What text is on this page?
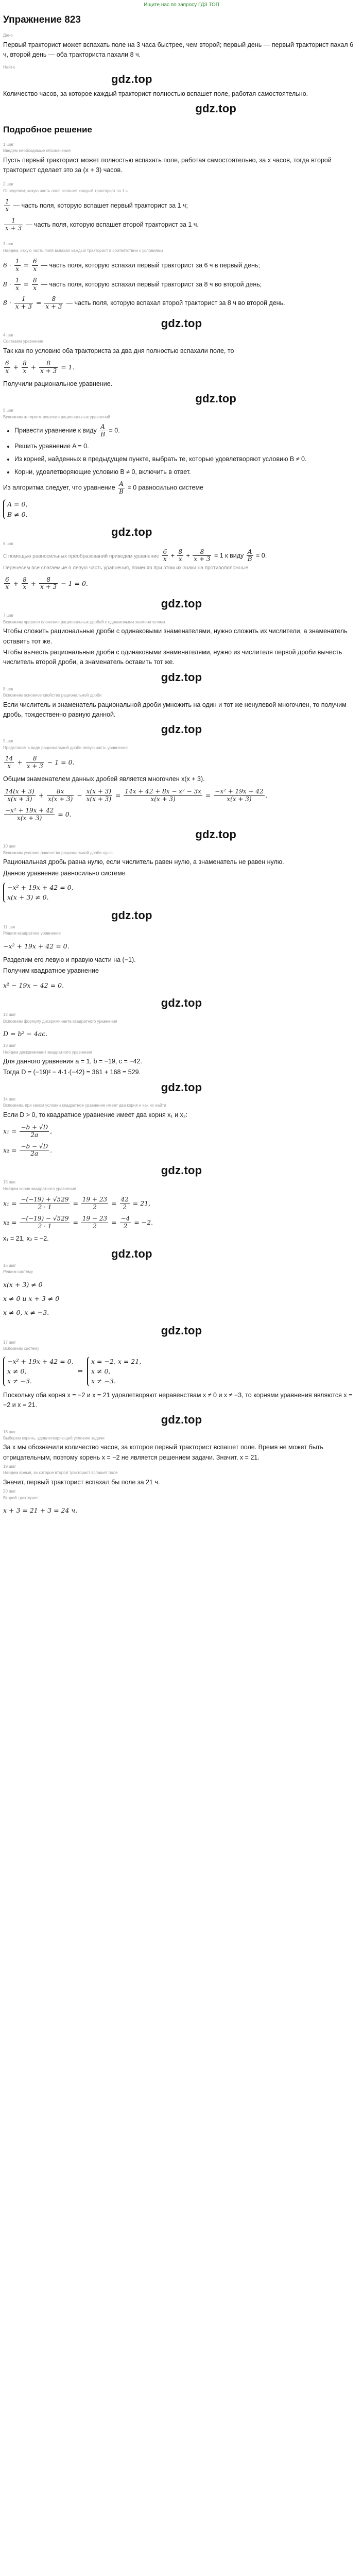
Ищите нас по запросу ГДЗ ТОП
Упражнение 823
Дано

Первый тракторист может вспахать поле на 3 часа быстрее, чем второй; первый день — первый тракторист пахал 6 ч, второй день — оба тракториста пахали 8 ч.

Найти
gdz.top

Количество часов, за которое каждый тракторист полностью вспашет поле, работая самостоятельно.

gdz.top
Подробное решение
1 шаг
Введем необходимые обозначения

Пусть первый тракторист может полностью вспахать поле, работая самостоятельно, за x часов, тогда второй тракторист сделает это за (x + 3) часов.

2 шаг
Определим, какую часть поля вспашет каждый тракторист за 1 ч
$\frac{1}{x}$ — часть поля, которую вспашет первый тракторист за 1 ч;
$\frac{1}{x + 3}$ — часть поля, которую вспашет второй тракторист за 1 ч.
3 шаг
Найдем, какую часть поля вспахал каждый тракторист в соответствии с условиями
$6 \cdot \frac{1}{x} = \frac{6}{x}$ — часть поля, которую вспахал первый тракторист за 6 ч в первый день;
$8 \cdot \frac{1}{x} = \frac{8}{x}$ — часть поля, которую вспахал первый тракторист за 8 ч во второй день;
$8 \cdot \frac{1}{x + 3} = \frac{8}{x + 3}$ — часть поля, которую вспахал второй тракторист за 8 ч во второй день.
gdz.top
4 шаг
Составим уравнение

Так как по условию оба тракториста за два дня полностью вспахали поле, то

$\frac{6}{x} + \frac{8}{x} + \frac{8}{x + 3} = 1$.

Получили рациональное уравнение.

gdz.top
5 шаг
Вспомним алгоритм решения рациональных уравнений
• Привести уравнение к виду $\frac{A}{B} = 0$.
• Решить уравнение A = 0.
• Из корней, найденных в предыдущем пункте, выбрать те, которые удовлетворяют условию B ≠ 0.
• Корни, удовлетворяющие условию B ≠ 0, включить в ответ.

Из алгоритма следует, что уравнение $\frac{A}{B} = 0$ равносильно системе

A = 0,
B ≠ 0.
gdz.top
6 шаг

С помощью равносильных преобразований приведем уравнение $\frac{6}{x} + \frac{8}{x} + \frac{8}{x + 3} = 1$ к виду $\frac{A}{B} = 0$.

Перенесем все слагаемые в левую часть уравнения, поменяв при этом их знаки на противоположные

$\frac{6}{x} + \frac{8}{x} + \frac{8}{x + 3} - 1 = 0$.
gdz.top
7 шаг
Вспомним правило сложения рациональных дробей с одинаковыми знаменателями

Чтобы сложить рациональные дроби с одинаковыми знаменателями, нужно сложить их числители, а знаменатель оставить тот же.

Чтобы вычесть рациональные дроби с одинаковыми знаменателями, нужно из числителя первой дроби вычесть числитель второй дроби, а знаменатель оставить тот же.

gdz.top
8 шаг
Вспомним основное свойство рациональной дроби

Если числитель и знаменатель рациональной дроби умножить на один и тот же ненулевой многочлен, то получим дробь, тождественно равную данной.

gdz.top
9 шаг
Представим в виде рациональной дроби левую часть уравнения
$\frac{14}{x} + \frac{8}{x + 3} - 1 = 0$.

Общим знаменателем данных дробей является многочлен x(x + 3).

$\frac{14(x + 3)}{x(x + 3)} + \frac{8x}{x(x + 3)} - \frac{x(x + 3)}{x(x + 3)} = \frac{\text{14x + 42 + 8x − x² − 3x}}{x(x + 3)} = \frac{\text{−x² + 19x + 42}}{x(x + 3)}$ .
$\frac{\text{−x² + 19x + 42}}{x(x + 3)} = 0$.
gdz.top
10 шаг
Вспомним условие равенства рациональной дроби нулю

Рациональная дробь равна нулю, если числитель равен нулю, а знаменатель не равен нулю.

Данное уравнение равносильно системе

−x² + 19x + 42 = 0,
x(x + 3) ≠ 0.
gdz.top
11 шаг
Решим квадратное уравнение
−x² + 19x + 42 = 0.

Разделим его левую и правую части на (−1).

Получим квадратное уравнение

x² − 19x − 42 = 0.
gdz.top
12 шаг
Вспомним формулу дискриминанта квадратного уравнения
D = b² − 4ac.
13 шаг
Найдем дискриминант квадратного уравнения

Для данного уравнения a = 1, b = −19, c = −42.

Тогда D = (−19)² − 4·1·(−42) = 361 + 168 = 529.

gdz.top
14 шаг
Вспомним, при каком условии квадратное уравнение имеет два корня и как их найти

Если D > 0, то квадратное уравнение имеет два корня x₁ и x₂:

$x_1 = \frac{-b + √D}{2a}$ ,
$x_2 = \frac{-b - √D}{2a}$ .
gdz.top
15 шаг
Найдем корни квадратного уравнения
$x_1 = \frac{-(-19) + √529}{2 \cdot 1} = \frac{19 + 23}{2} = \frac{42}{2} = 21$,
$x_2 = \frac{-(-19) - √529}{2 \cdot 1} = \frac{19 - 23}{2} = \frac{-4}{2} = -2$.

x₁ = 21, x₂ = −2.

gdz.top
16 шаг
Решим систему
x(x + 3) ≠ 0
x ≠ 0 и x + 3 ≠ 0
x ≠ 0, x ≠ −3.
gdz.top
17 шаг
Вспомним систему
−x² + 19x + 42 = 0,
x ≠ 0,
x ≠ −3.  ⇔  x = −2, x = 21,
x ≠ 0,
x ≠ −3.

Поскольку оба корня x = −2 и x = 21 удовлетворяют неравенствам x ≠ 0 и x ≠ −3, то корнями уравнения являются x = −2 и x = 21.

gdz.top
18 шаг
Выберем корень, удовлетворяющий условию задачи

За x мы обозначили количество часов, за которое первый тракторист вспашет поле. Время не может быть отрицательным, поэтому корень x = −2 не является решением задачи. Значит, x = 21.

19 шаг
Найдем время, за которое второй тракторист вспашет поле

Значит, первый тракторист вспахал бы поле за 21 ч.

20 шаг
Второй тракторист
x + 3 = 21 + 3 = 24 ч.
